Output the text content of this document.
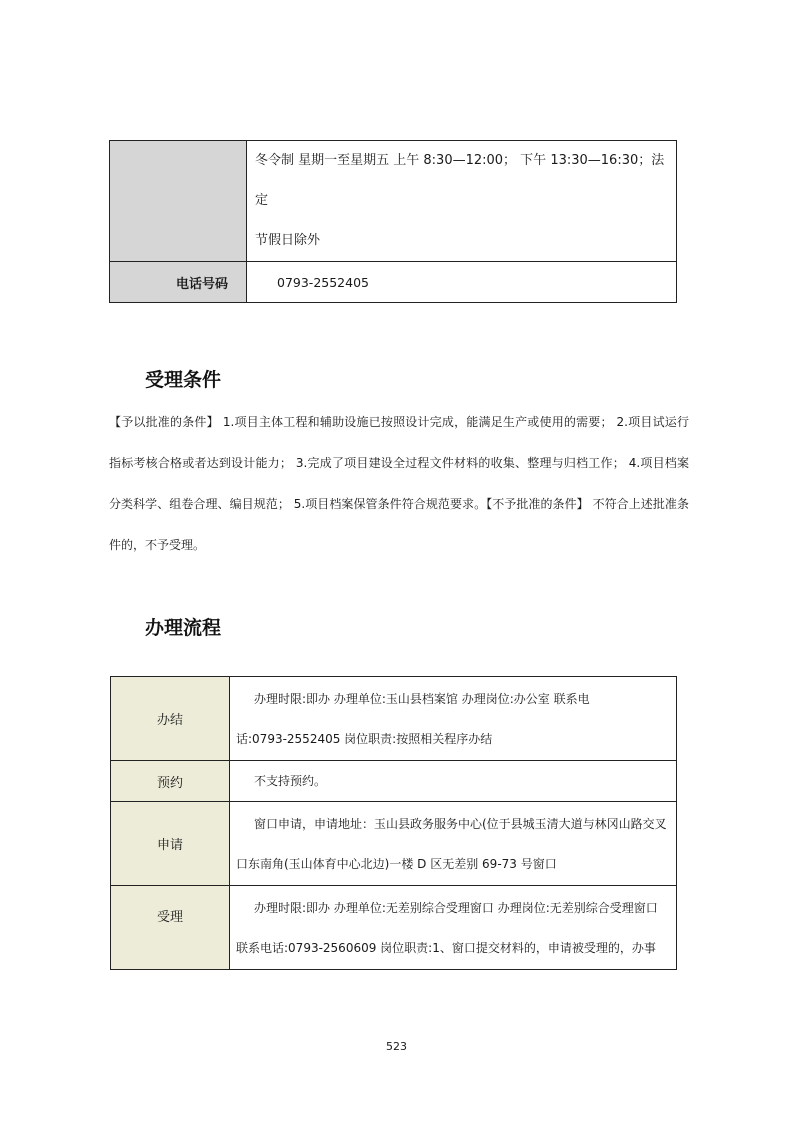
	冬令制 星期一至星期五 上午 8:30—12:00； 下午 13:30—16:30；法定
节假日除外

电话号码	0793-2552405
受理条件

【予以批准的条件】 1.项目主体工程和辅助设施已按照设计完成，能满足生产或使用的需要； 2.项目试运行指标考核合格或者达到设计能力； 3.完成了项目建设全过程文件材料的收集、整理与归档工作； 4.项目档案分类科学、组卷合理、编目规范； 5.项目档案保管条件符合规范要求。【不予批准的条件】 不符合上述批准条件的，不予受理。

办理流程
办结	办理时限:即办 办理单位:玉山县档案馆 办理岗位:办公室 联系电
话:0793-2552405 岗位职责:按照相关程序办结

预约	不支持预约。

申请	窗口申请，申请地址：玉山县政务服务中心(位于县城玉清大道与林冈山路交叉
口东南角(玉山体育中心北边)一楼 D 区无差别 69-73 号窗口

受理	办理时限:即办 办理单位:无差别综合受理窗口 办理岗位:无差别综合受理窗口
联系电话:0793-2560609 岗位职责:1、窗口提交材料的，申请被受理的，办事
523
